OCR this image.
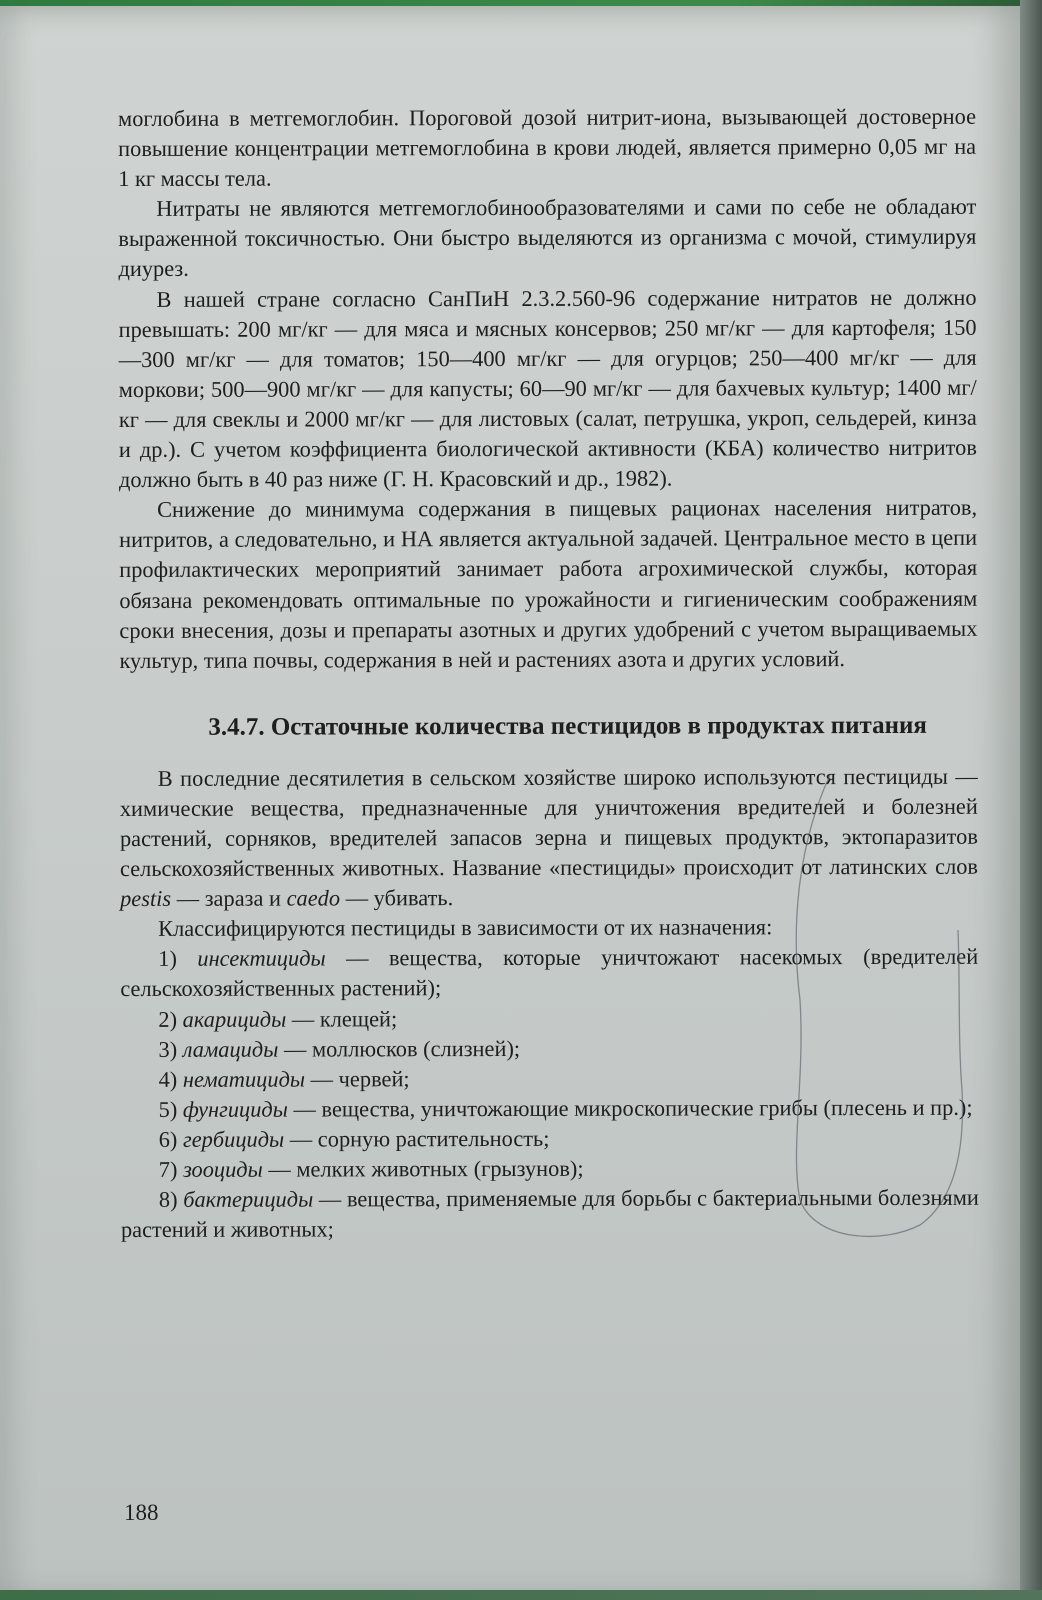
моглобина в метгемоглобин. Пороговой дозой нитрит-иона, вызывающей достоверное повышение концентрации метгемоглобина в крови людей, является примерно 0,05 мг на 1 кг массы тела.

Нитраты не являются метгемоглобинообразователями и сами по себе не обладают выраженной токсичностью. Они быстро выделяются из организма с мочой, стимулируя диурез.

В нашей стране согласно СанПиН 2.3.2.560-96 содержание нитратов не должно превышать: 200 мг/кг — для мяса и мясных консервов; 250 мг/кг — для картофеля; 150—300 мг/кг — для томатов; 150—400 мг/кг — для огурцов; 250—400 мг/кг — для моркови; 500—900 мг/кг — для капусты; 60—90 мг/кг — для бахчевых культур; 1400 мг/кг — для свеклы и 2000 мг/кг — для листовых (салат, петрушка, укроп, сельдерей, кинза и др.). С учетом коэффициента биологической активности (КБА) количество нитритов должно быть в 40 раз ниже (Г. Н. Красовский и др., 1982).

Снижение до минимума содержания в пищевых рационах населения нитратов, нитритов, а следовательно, и НА является актуальной задачей. Центральное место в цепи профилактических мероприятий занимает работа агрохимической службы, которая обязана рекомендовать оптимальные по урожайности и гигиеническим соображениям сроки внесения, дозы и препараты азотных и других удобрений с учетом выращиваемых культур, типа почвы, содержания в ней и растениях азота и других условий.

3.4.7. Остаточные количества пестицидов в продуктах питания

В последние десятилетия в сельском хозяйстве широко используются пестициды — химические вещества, предназначенные для уничтожения вредителей и болезней растений, сорняков, вредителей запасов зерна и пищевых продуктов, эктопаразитов сельскохозяйственных животных. Название «пестициды» происходит от латинских слов pestis — зараза и caedo — убивать.

Классифицируются пестициды в зависимости от их назначения:

1) инсектициды — вещества, которые уничтожают насекомых (вредителей сельскохозяйственных растений);

2) акарициды — клещей;

3) ламациды — моллюсков (слизней);

4) нематициды — червей;

5) фунгициды — вещества, уничтожающие микроскопические грибы (плесень и пр.);

6) гербициды — сорную растительность;

7) зооциды — мелких животных (грызунов);

8) бактерициды — вещества, применяемые для борьбы с бактериальными болезнями растений и животных;

188
